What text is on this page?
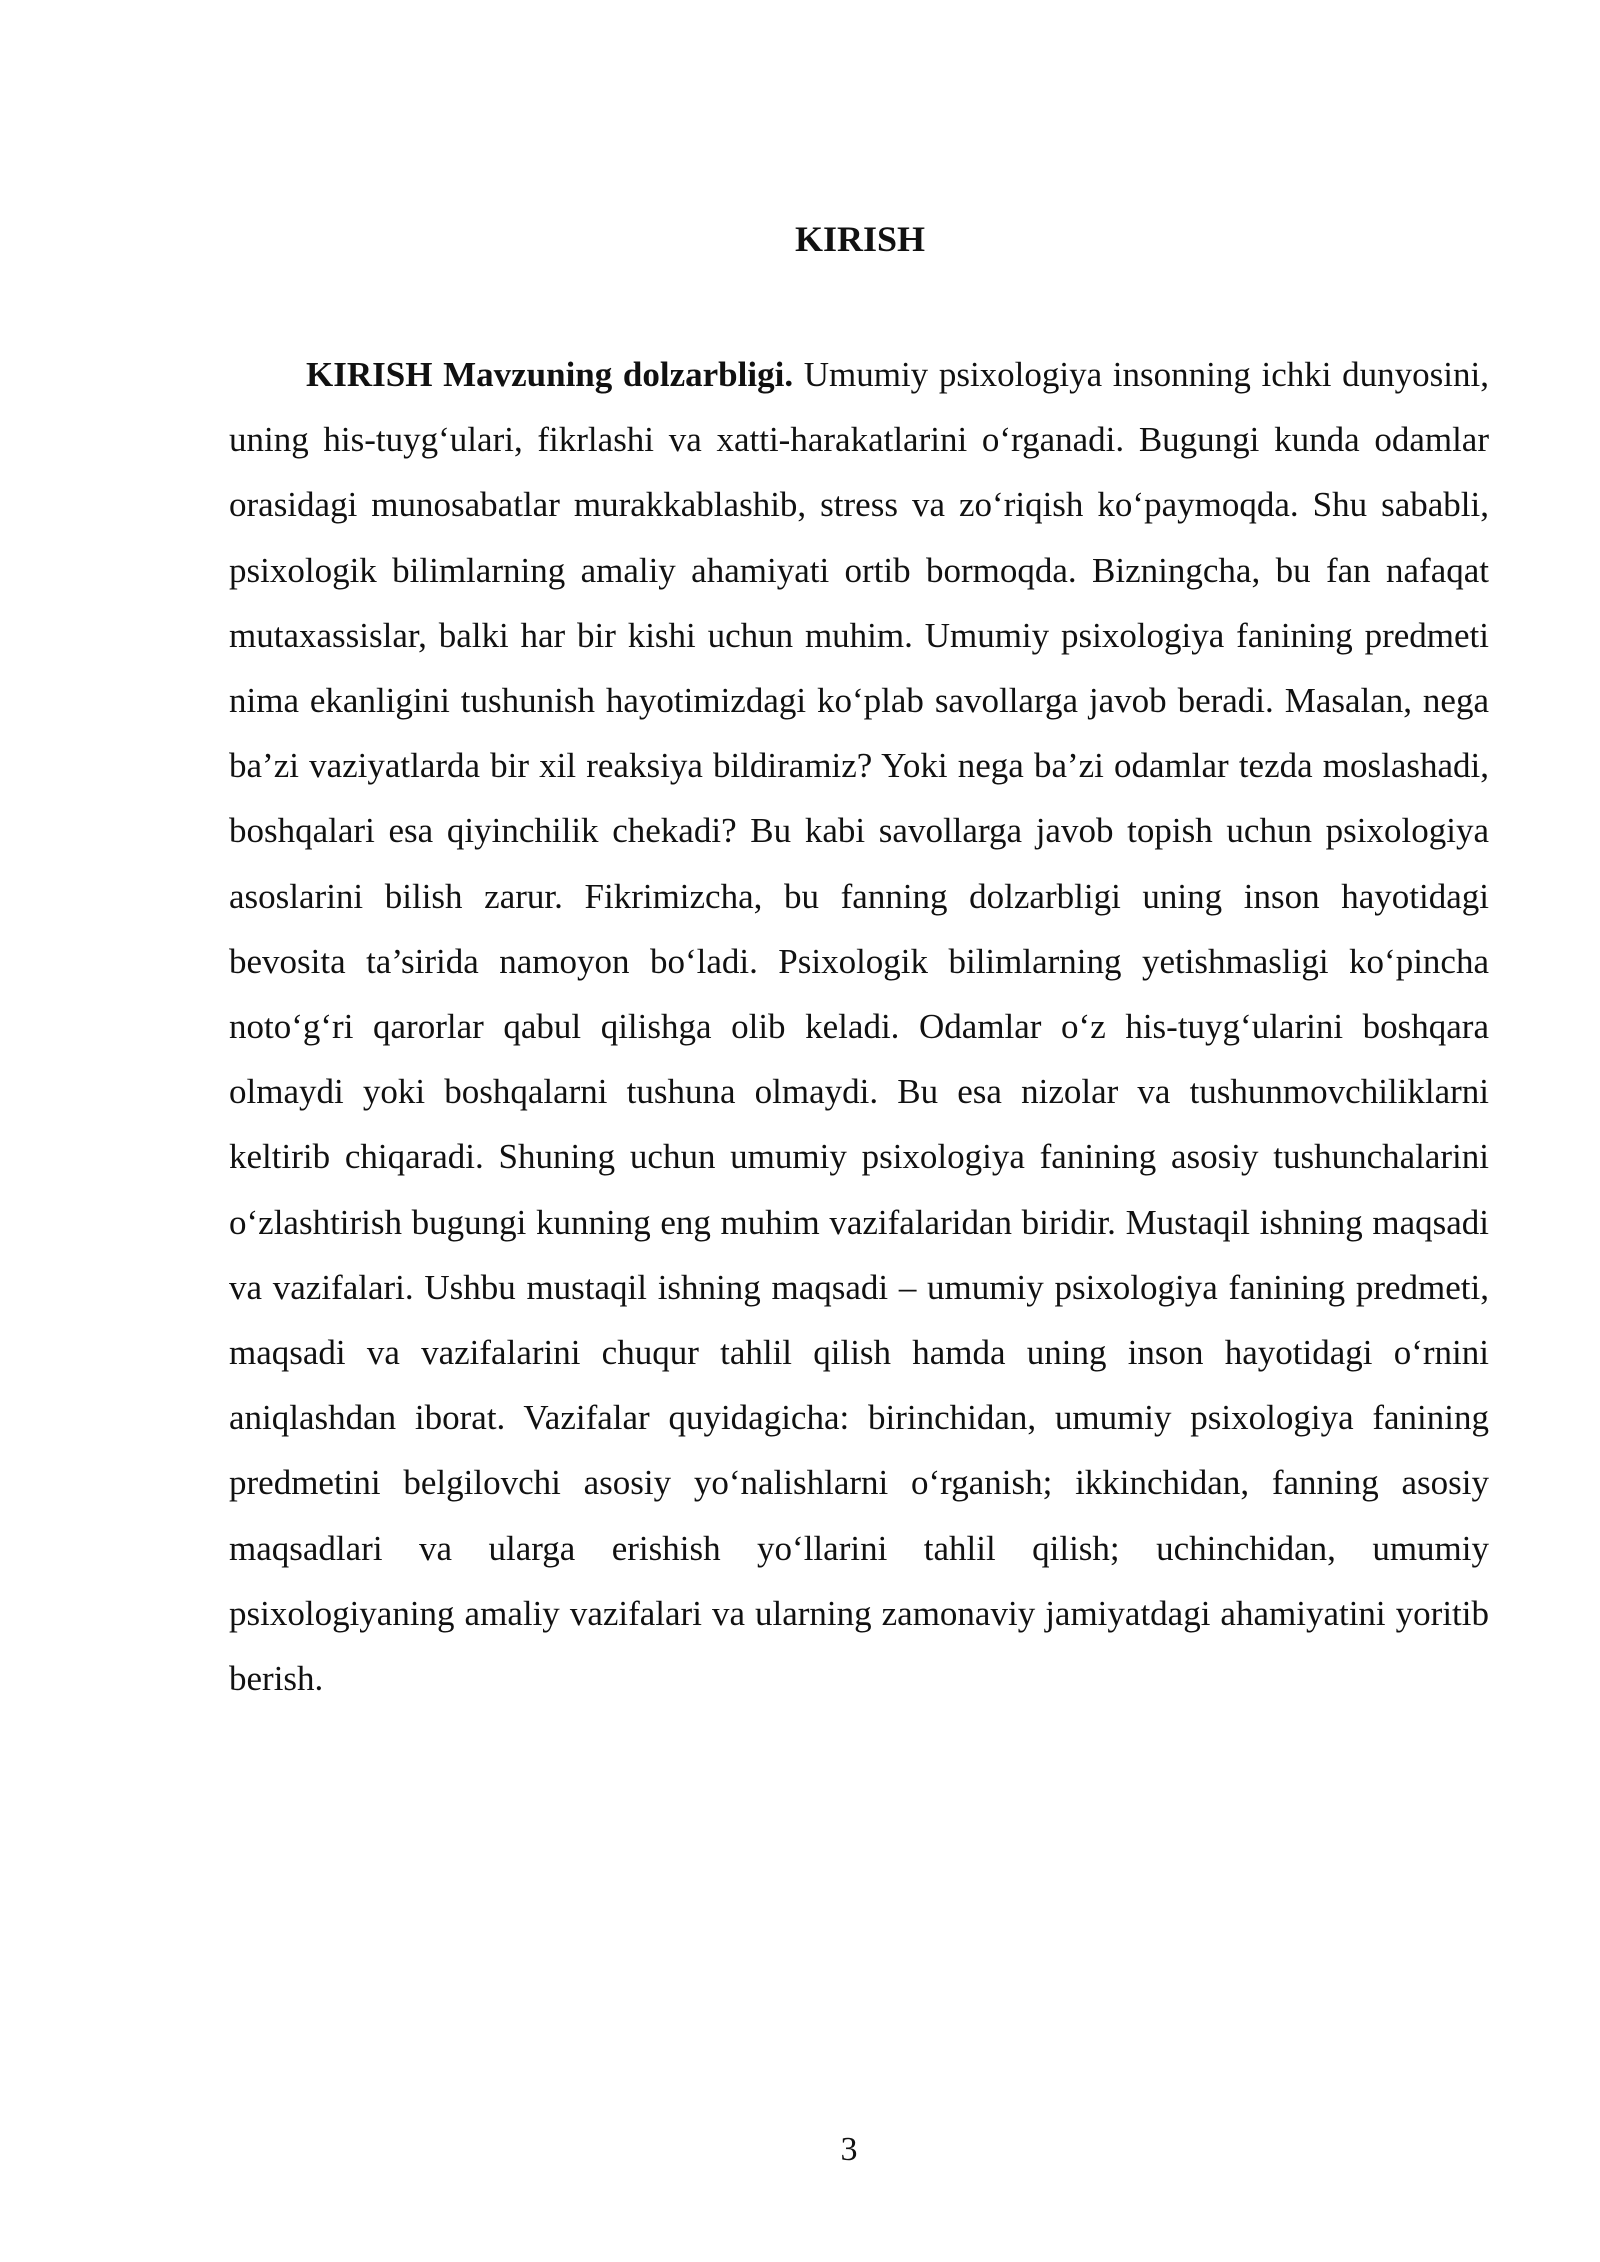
KIRISH

KIRISH Mavzuning dolzarbligi. Umumiy psixologiya insonning ichki dunyosini, uning his-tuyg‘ulari, fikrlashi va xatti-harakatlarini o‘rganadi. Bugungi kunda odamlar orasidagi munosabatlar murakkablashib, stress va zo‘riqish ko‘paymoqda. Shu sababli, psixologik bilimlarning amaliy ahamiyati ortib bormoqda. Bizningcha, bu fan nafaqat mutaxassislar, balki har bir kishi uchun muhim. Umumiy psixologiya fanining predmeti nima ekanligini tushunish hayotimizdagi ko‘plab savollarga javob beradi. Masalan, nega ba’zi vaziyatlarda bir xil reaksiya bildiramiz? Yoki nega ba’zi odamlar tezda moslashadi, boshqalari esa qiyinchilik chekadi? Bu kabi savollarga javob topish uchun psixologiya asoslarini bilish zarur. Fikrimizcha, bu fanning dolzarbligi uning inson hayotidagi bevosita ta’sirida namoyon bo‘ladi. Psixologik bilimlarning yetishmasligi ko‘pincha noto‘g‘ri qarorlar qabul qilishga olib keladi. Odamlar o‘z his-tuyg‘ularini boshqara olmaydi yoki boshqalarni tushuna olmaydi. Bu esa nizolar va tushunmovchiliklarni keltirib chiqaradi. Shuning uchun umumiy psixologiya fanining asosiy tushunchalarini o‘zlashtirish bugungi kunning eng muhim vazifalaridan biridir. Mustaqil ishning maqsadi va vazifalari. Ushbu mustaqil ishning maqsadi – umumiy psixologiya fanining predmeti, maqsadi va vazifalarini chuqur tahlil qilish hamda uning inson hayotidagi o‘rnini aniqlashdan iborat. Vazifalar quyidagicha: birinchidan, umumiy psixologiya fanining predmetini belgilovchi asosiy yo‘nalishlarni o‘rganish; ikkinchidan, fanning asosiy maqsadlari va ularga erishish yo‘llarini tahlil qilish; uchinchidan, umumiy psixologiyaning amaliy vazifalari va ularning zamonaviy jamiyatdagi ahamiyatini yoritib berish.

3
